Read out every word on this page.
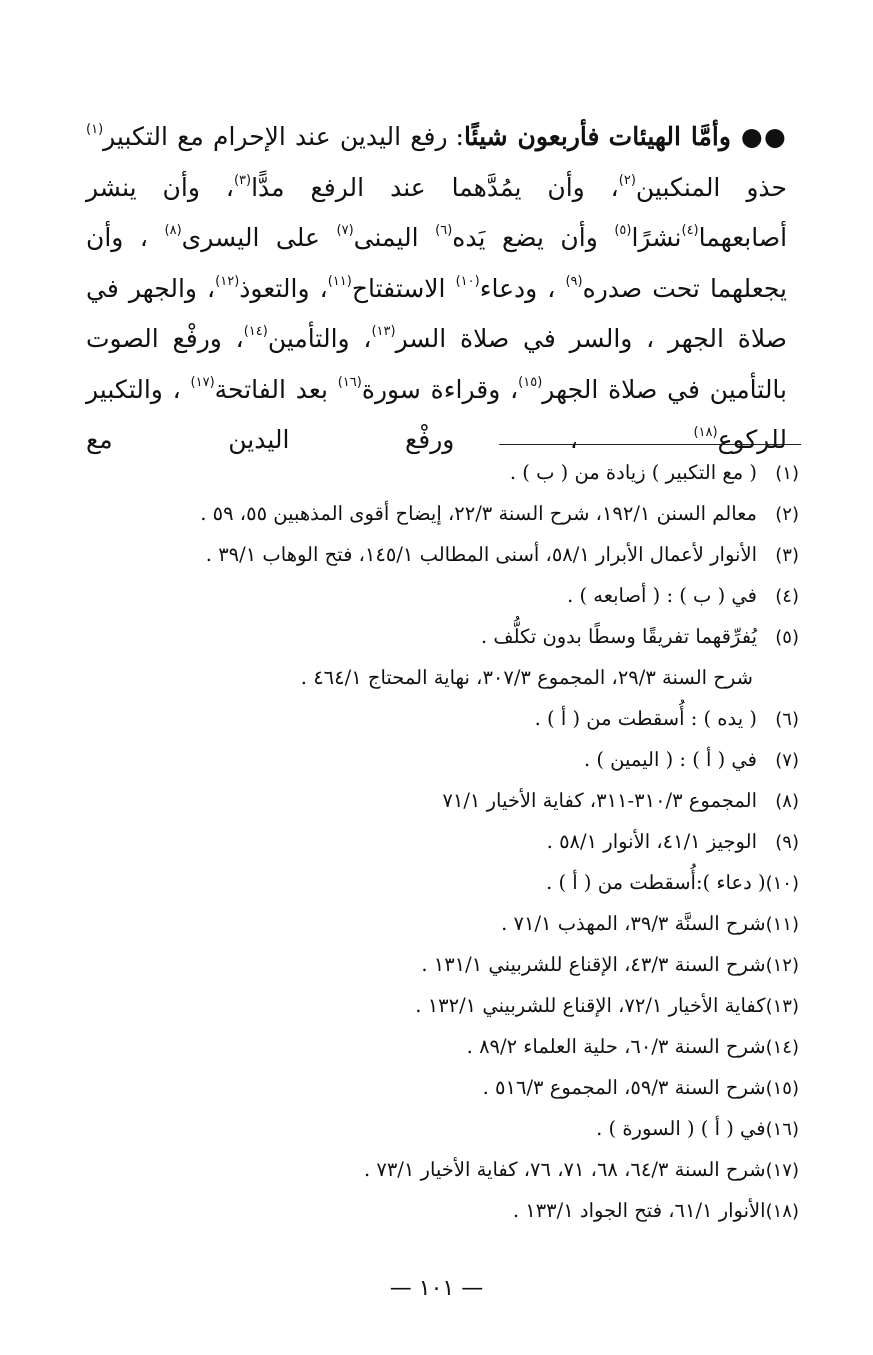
●● وأمَّا الهيئات فأربعون شيئًا: رفع اليدين عند الإحرام مع التكبير$^{(١)}$ حذو المنكبين$^{(٢)}$، وأن يمُدَّهما عند الرفع مدًّا$^{(٣)}$، وأن ينشر أصابعهما$^{(٤)}$نشرًا$^{(٥)}$ وأن يضع يَده$^{(٦)}$ اليمنى$^{(٧)}$ على اليسرى$^{(٨)}$ ، وأن يجعلهما تحت صدره$^{(٩)}$ ، ودعاء$^{(١٠)}$ الاستفتاح$^{(١١)}$، والتعوذ$^{(١٢)}$، والجهر في صلاة الجهر ، والسر في صلاة السر$^{(١٣)}$، والتأمين$^{(١٤)}$، ورفْع الصوت بالتأمين في صلاة الجهر$^{(١٥)}$، وقراءة سورة$^{(١٦)}$ بعد الفاتحة$^{(١٧)}$ ، والتكبير للركوع$^{(١٨)}$ ، ورفْع اليدين مع

(١)( مع التكبير ) زيادة من ( ب ) .
(٢)معالم السنن ١٩٢/١، شرح السنة ٢٢/٣، إيضاح أقوى المذهبين ٥٥، ٥٩ .
(٣)الأنوار لأعمال الأبرار ٥٨/١، أسنى المطالب ١٤٥/١، فتح الوهاب ٣٩/١ .
(٤)في ( ب ) : ( أصابعه ) .
(٥)يُفرِّقهما تفريقًا وسطًا بدون تكلُّف .
شرح السنة ٢٩/٣، المجموع ٣٠٧/٣، نهاية المحتاج ٤٦٤/١ .
(٦)( يده ) : أُسقطت من ( أ ) .
(٧)في ( أ ) : ( اليمين ) .
(٨)المجموع ٣١٠/٣-٣١١، كفاية الأخيار ٧١/١
(٩)الوجيز ٤١/١، الأنوار ٥٨/١ .
(١٠)( دعاء ):أُسقطت من ( أ ) .
(١١)شرح السنَّة ٣٩/٣، المهذب ٧١/١ .
(١٢)شرح السنة ٤٣/٣، الإقناع للشربيني ١٣١/١ .
(١٣)كفاية الأخيار ٧٢/١، الإقناع للشربيني ١٣٢/١ .
(١٤)شرح السنة ٦٠/٣، حلية العلماء ٨٩/٢ .
(١٥)شرح السنة ٥٩/٣، المجموع ٥١٦/٣ .
(١٦)في ( أ ) ( السورة ) .
(١٧)شرح السنة ٦٤/٣، ٦٨، ٧١، ٧٦، كفاية الأخيار ٧٣/١ .
(١٨)الأنوار ٦١/١، فتح الجواد ١٣٣/١ .
— ١٠١ —
